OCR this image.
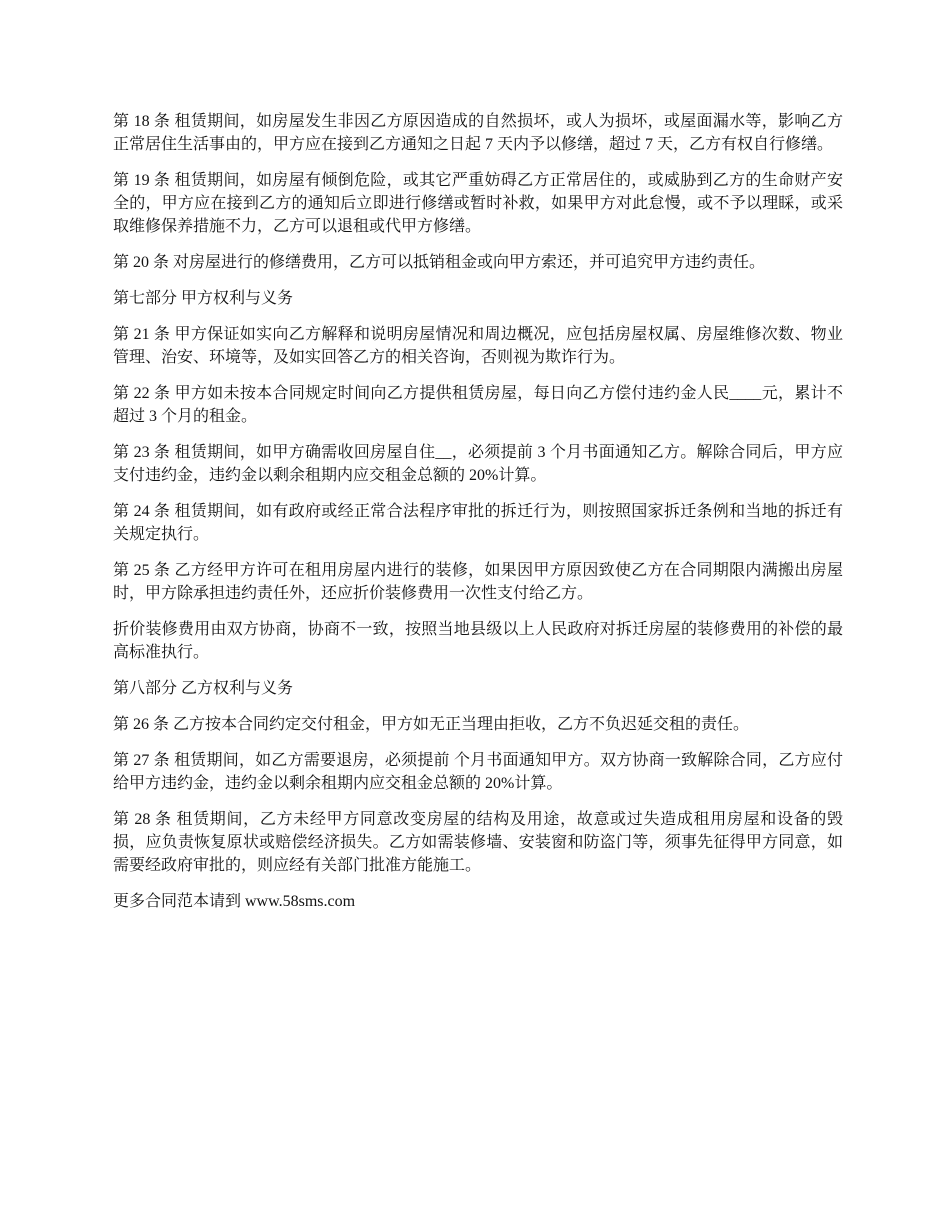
第 18 条 租赁期间，如房屋发生非因乙方原因造成的自然损坏，或人为损坏，或屋面漏水等，影响乙方正常居住生活事由的，甲方应在接到乙方通知之日起 7 天内予以修缮，超过 7 天，乙方有权自行修缮。

第 19 条 租赁期间，如房屋有倾倒危险，或其它严重妨碍乙方正常居住的，或威胁到乙方的生命财产安全的，甲方应在接到乙方的通知后立即进行修缮或暂时补救，如果甲方对此怠慢，或不予以理睬，或采取维修保养措施不力，乙方可以退租或代甲方修缮。

第 20 条 对房屋进行的修缮费用，乙方可以抵销租金或向甲方索还，并可追究甲方违约责任。

第七部分 甲方权利与义务

第 21 条 甲方保证如实向乙方解释和说明房屋情况和周边概况，应包括房屋权属、房屋维修次数、物业管理、治安、环境等，及如实回答乙方的相关咨询，否则视为欺诈行为。

第 22 条 甲方如未按本合同规定时间向乙方提供租赁房屋，每日向乙方偿付违约金人民____元，累计不超过 3 个月的租金。

第 23 条 租赁期间，如甲方确需收回房屋自住__，必须提前 3 个月书面通知乙方。解除合同后，甲方应支付违约金，违约金以剩余租期内应交租金总额的 20%计算。

第 24 条 租赁期间，如有政府或经正常合法程序审批的拆迁行为，则按照国家拆迁条例和当地的拆迁有关规定执行。

第 25 条 乙方经甲方许可在租用房屋内进行的装修，如果因甲方原因致使乙方在合同期限内满搬出房屋时，甲方除承担违约责任外，还应折价装修费用一次性支付给乙方。

折价装修费用由双方协商，协商不一致，按照当地县级以上人民政府对拆迁房屋的装修费用的补偿的最高标准执行。

第八部分 乙方权利与义务

第 26 条 乙方按本合同约定交付租金，甲方如无正当理由拒收，乙方不负迟延交租的责任。

第 27 条 租赁期间，如乙方需要退房，必须提前 个月书面通知甲方。双方协商一致解除合同，乙方应付给甲方违约金，违约金以剩余租期内应交租金总额的 20%计算。

第 28 条 租赁期间，乙方未经甲方同意改变房屋的结构及用途，故意或过失造成租用房屋和设备的毁损，应负责恢复原状或赔偿经济损失。乙方如需装修墙、安装窗和防盗门等，须事先征得甲方同意，如需要经政府审批的，则应经有关部门批准方能施工。

更多合同范本请到 www.58sms.com
